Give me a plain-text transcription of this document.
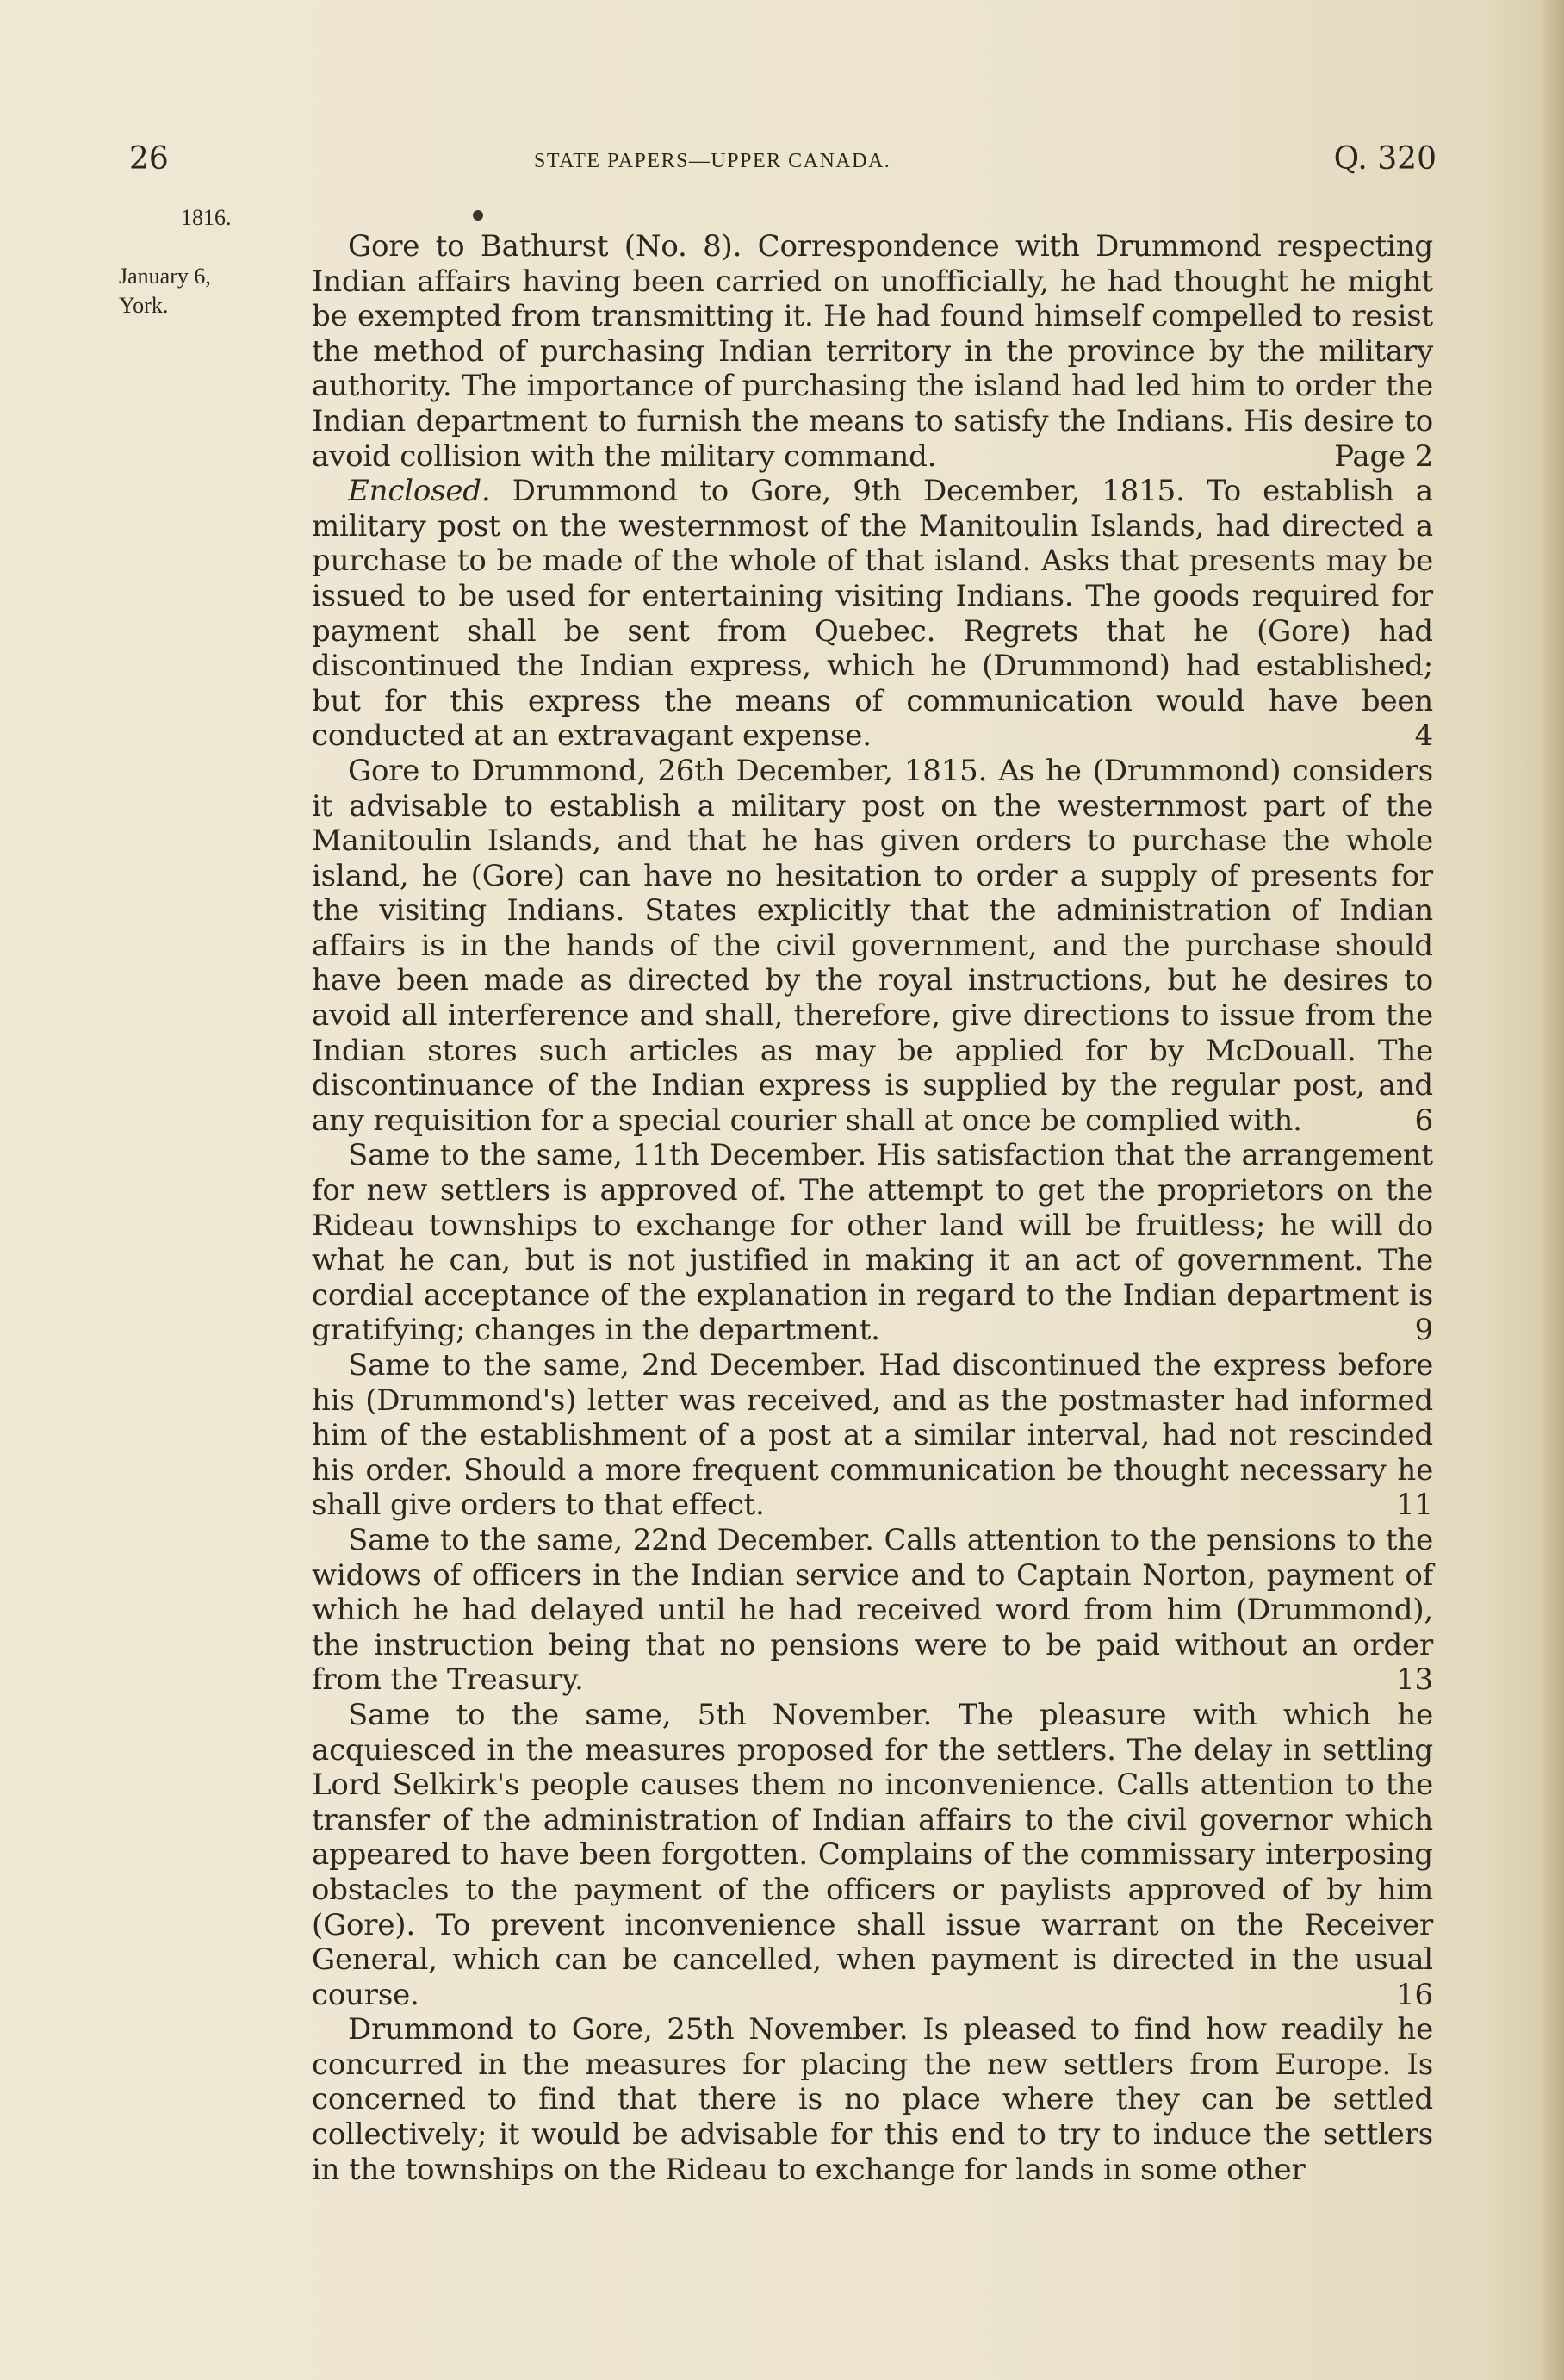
26	STATE PAPERS—UPPER CANADA.	Q. 320
1816.
January 6,
York.

Gore to Bathurst (No. 8). Correspondence with Drummond respecting Indian affairs having been carried on unofficially, he had thought he might be exempted from transmitting it. He had found himself compelled to resist the method of purchasing Indian territory in the province by the military authority. The importance of purchasing the island had led him to order the Indian department to furnish the means to satisfy the Indians. His desire to avoid collision with the military command.	Page 2

Enclosed. Drummond to Gore, 9th December, 1815. To establish a military post on the westernmost of the Manitoulin Islands, had directed a purchase to be made of the whole of that island. Asks that presents may be issued to be used for entertaining visiting Indians. The goods required for payment shall be sent from Quebec. Regrets that he (Gore) had discontinued the Indian express, which he (Drummond) had established; but for this express the means of communication would have been conducted at an extravagant expense.	4

Gore to Drummond, 26th December, 1815. As he (Drummond) considers it advisable to establish a military post on the westernmost part of the Manitoulin Islands, and that he has given orders to purchase the whole island, he (Gore) can have no hesitation to order a supply of presents for the visiting Indians. States explicitly that the administration of Indian affairs is in the hands of the civil government, and the purchase should have been made as directed by the royal instructions, but he desires to avoid all interference and shall, therefore, give directions to issue from the Indian stores such articles as may be applied for by McDouall. The discontinuance of the Indian express is supplied by the regular post, and any requisition for a special courier shall at once be complied with.	6

Same to the same, 11th December. His satisfaction that the arrangement for new settlers is approved of. The attempt to get the proprietors on the Rideau townships to exchange for other land will be fruitless; he will do what he can, but is not justified in making it an act of government. The cordial acceptance of the explanation in regard to the Indian department is gratifying; changes in the department.	9

Same to the same, 2nd December. Had discontinued the express before his (Drummond's) letter was received, and as the postmaster had informed him of the establishment of a post at a similar interval, had not rescinded his order. Should a more frequent communication be thought necessary he shall give orders to that effect.	11

Same to the same, 22nd December. Calls attention to the pensions to the widows of officers in the Indian service and to Captain Norton, payment of which he had delayed until he had received word from him (Drummond), the instruction being that no pensions were to be paid without an order from the Treasury.	13

Same to the same, 5th November. The pleasure with which he acquiesced in the measures proposed for the settlers. The delay in settling Lord Selkirk's people causes them no inconvenience. Calls attention to the transfer of the administration of Indian affairs to the civil governor which appeared to have been forgotten. Complains of the commissary interposing obstacles to the payment of the officers or paylists approved of by him (Gore). To prevent inconvenience shall issue warrant on the Receiver General, which can be cancelled, when payment is directed in the usual course.	16

Drummond to Gore, 25th November. Is pleased to find how readily he concurred in the measures for placing the new settlers from Europe. Is concerned to find that there is no place where they can be settled collectively; it would be advisable for this end to try to induce the settlers in the townships on the Rideau to exchange for lands in some other
